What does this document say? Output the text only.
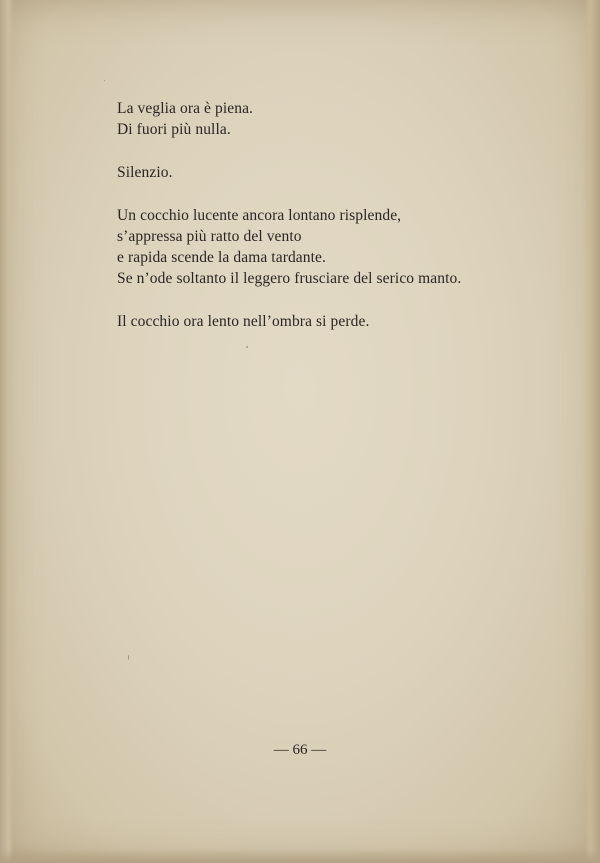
La veglia ora è piena.
Di fuori più nulla.
Silenzio.
Un cocchio lucente ancora lontano risplende,
s’appressa più ratto del vento
e rapida scende la dama tardante.
Se n’ode soltanto il leggero frusciare del serico manto.
Il cocchio ora lento nell’ombra si perde.
— 66 —
